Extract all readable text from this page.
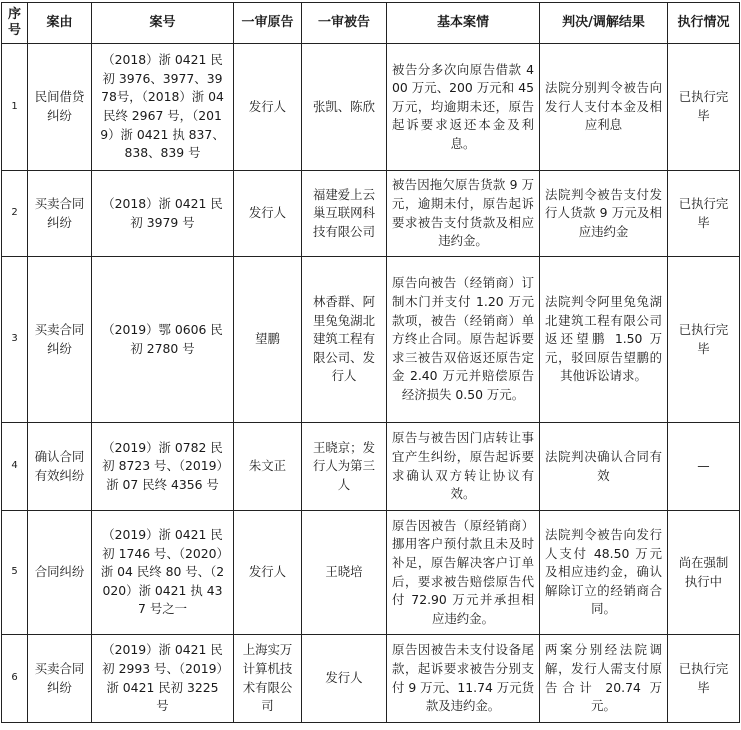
序号	案由	案号	一审原告	一审被告	基本案情	判决/调解结果	执行情况
1	民间借贷纠纷	（2018）浙 0421 民初 3976、3977、3978号，（2018）浙 04民终 2967 号，（2019）浙 0421 执 837、838、839 号	发行人	张凯、陈欣	被告分多次向原告借款 400 万元、200 万元和 45 万元，均逾期未还，原告起诉要求返还本金及利息。	法院分别判令被告向发行人支付本金及相应利息	已执行完毕
2	买卖合同纠纷	（2018）浙 0421 民初 3979 号	发行人	福建爱上云巢互联网科技有限公司	被告因拖欠原告货款 9 万元，逾期未付，原告起诉要求被告支付货款及相应违约金。	法院判令被告支付发行人货款 9 万元及相应违约金	已执行完毕
3	买卖合同纠纷	（2019）鄂 0606 民初 2780 号	望鹏	林香群、阿里兔兔湖北建筑工程有限公司、发行人	原告向被告（经销商）订制木门并支付 1.20 万元款项，被告（经销商）单方终止合同。原告起诉要求三被告双倍返还原告定金 2.40 万元并赔偿原告经济损失 0.50 万元。	法院判令阿里兔兔湖北建筑工程有限公司返还望鹏 1.50 万元，驳回原告望鹏的其他诉讼请求。	已执行完毕
4	确认合同有效纠纷	（2019）浙 0782 民初 8723 号、（2019）浙 07 民终 4356 号	朱文正	王晓京；发行人为第三人	原告与被告因门店转让事宜产生纠纷，原告起诉要求确认双方转让协议有效。	法院判决确认合同有效	—
5	合同纠纷	（2019）浙 0421 民初 1746 号、（2020）浙 04 民终 80 号、（2020）浙 0421 执 437 号之一	发行人	王晓培	原告因被告（原经销商）挪用客户预付款且未及时补足，原告解决客户订单后，要求被告赔偿原告代付 72.90 万元并承担相应违约金。	法院判令被告向发行人支付 48.50 万元及相应违约金，确认解除订立的经销商合同。	尚在强制执行中
6	买卖合同纠纷	（2019）浙 0421 民初 2993 号、（2019）浙 0421 民初 3225 号	上海实万计算机技术有限公司	发行人	原告因被告未支付设备尾款，起诉要求被告分别支付 9 万元、11.74 万元货款及违约金。	两案分别经法院调解，发行人需支付原告合计 20.74 万元。	已执行完毕
